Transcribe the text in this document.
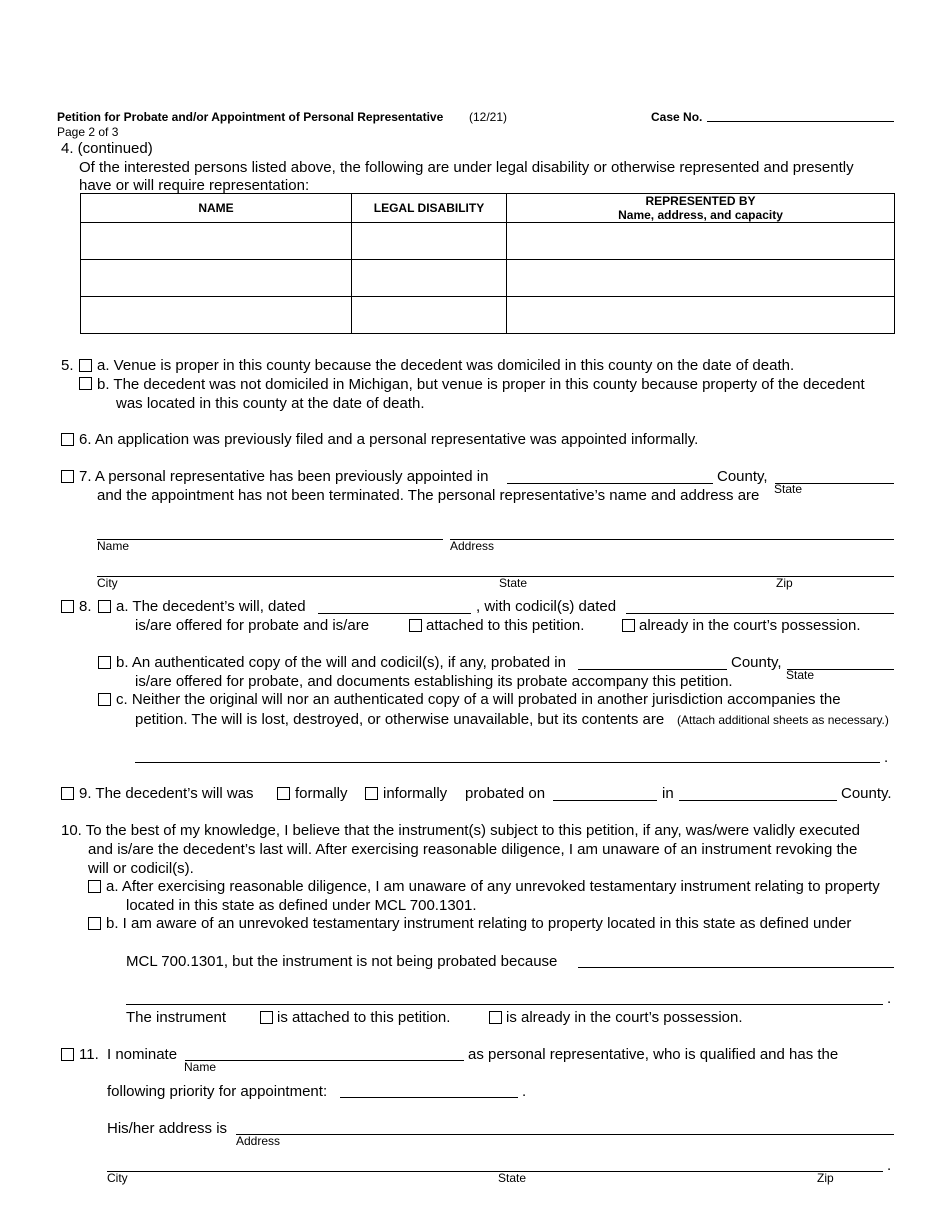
Petition for Probate and/or Appointment of Personal Representative (12/21)	Case No.
Page 2 of 3
4. (continued)
Of the interested persons listed above, the following are under legal disability or otherwise represented and presently
have or will require representation:
NAME	LEGAL DISABILITY	REPRESENTED BY
Name, address, and capacity

5. a. Venue is proper in this county because the decedent was domiciled in this county on the date of death.
b. The decedent was not domiciled in Michigan, but venue is proper in this county because property of the decedent
was located in this county at the date of death.
6. An application was previously filed and a personal representative was appointed informally.
7. A personal representative has been previously appointed in	County,
State
and the appointment has not been terminated. The personal representative’s name and address are
Name	Address
City	State	Zip
8. a. The decedent’s will, dated	, with codicil(s) dated
is/are offered for probate and is/are	attached to this petition.	already in the court’s possession.
b. An authenticated copy of the will and codicil(s), if any, probated in	County,
State
is/are offered for probate, and documents establishing its probate accompany this petition.
c. Neither the original will nor an authenticated copy of a will probated in another jurisdiction accompanies the
petition. The will is lost, destroyed, or otherwise unavailable, but its contents are (Attach additional sheets as necessary.)
.
9. The decedent’s will was	formally informally probated on	in	County.
10. To the best of my knowledge, I believe that the instrument(s) subject to this petition, if any, was/were validly executed
and is/are the decedent’s last will. After exercising reasonable diligence, I am unaware of an instrument revoking the
will or codicil(s).
a. After exercising reasonable diligence, I am unaware of any unrevoked testamentary instrument relating to property
located in this state as defined under MCL 700.1301.
b. I am aware of an unrevoked testamentary instrument relating to property located in this state as defined under
MCL 700.1301, but the instrument is not being probated because
.
The instrument	is attached to this petition.	is already in the court’s possession.
11. I nominate
Name
as personal representative, who is qualified and has the
following priority for appointment:	.
His/her address is
Address
.
City	State	Zip
